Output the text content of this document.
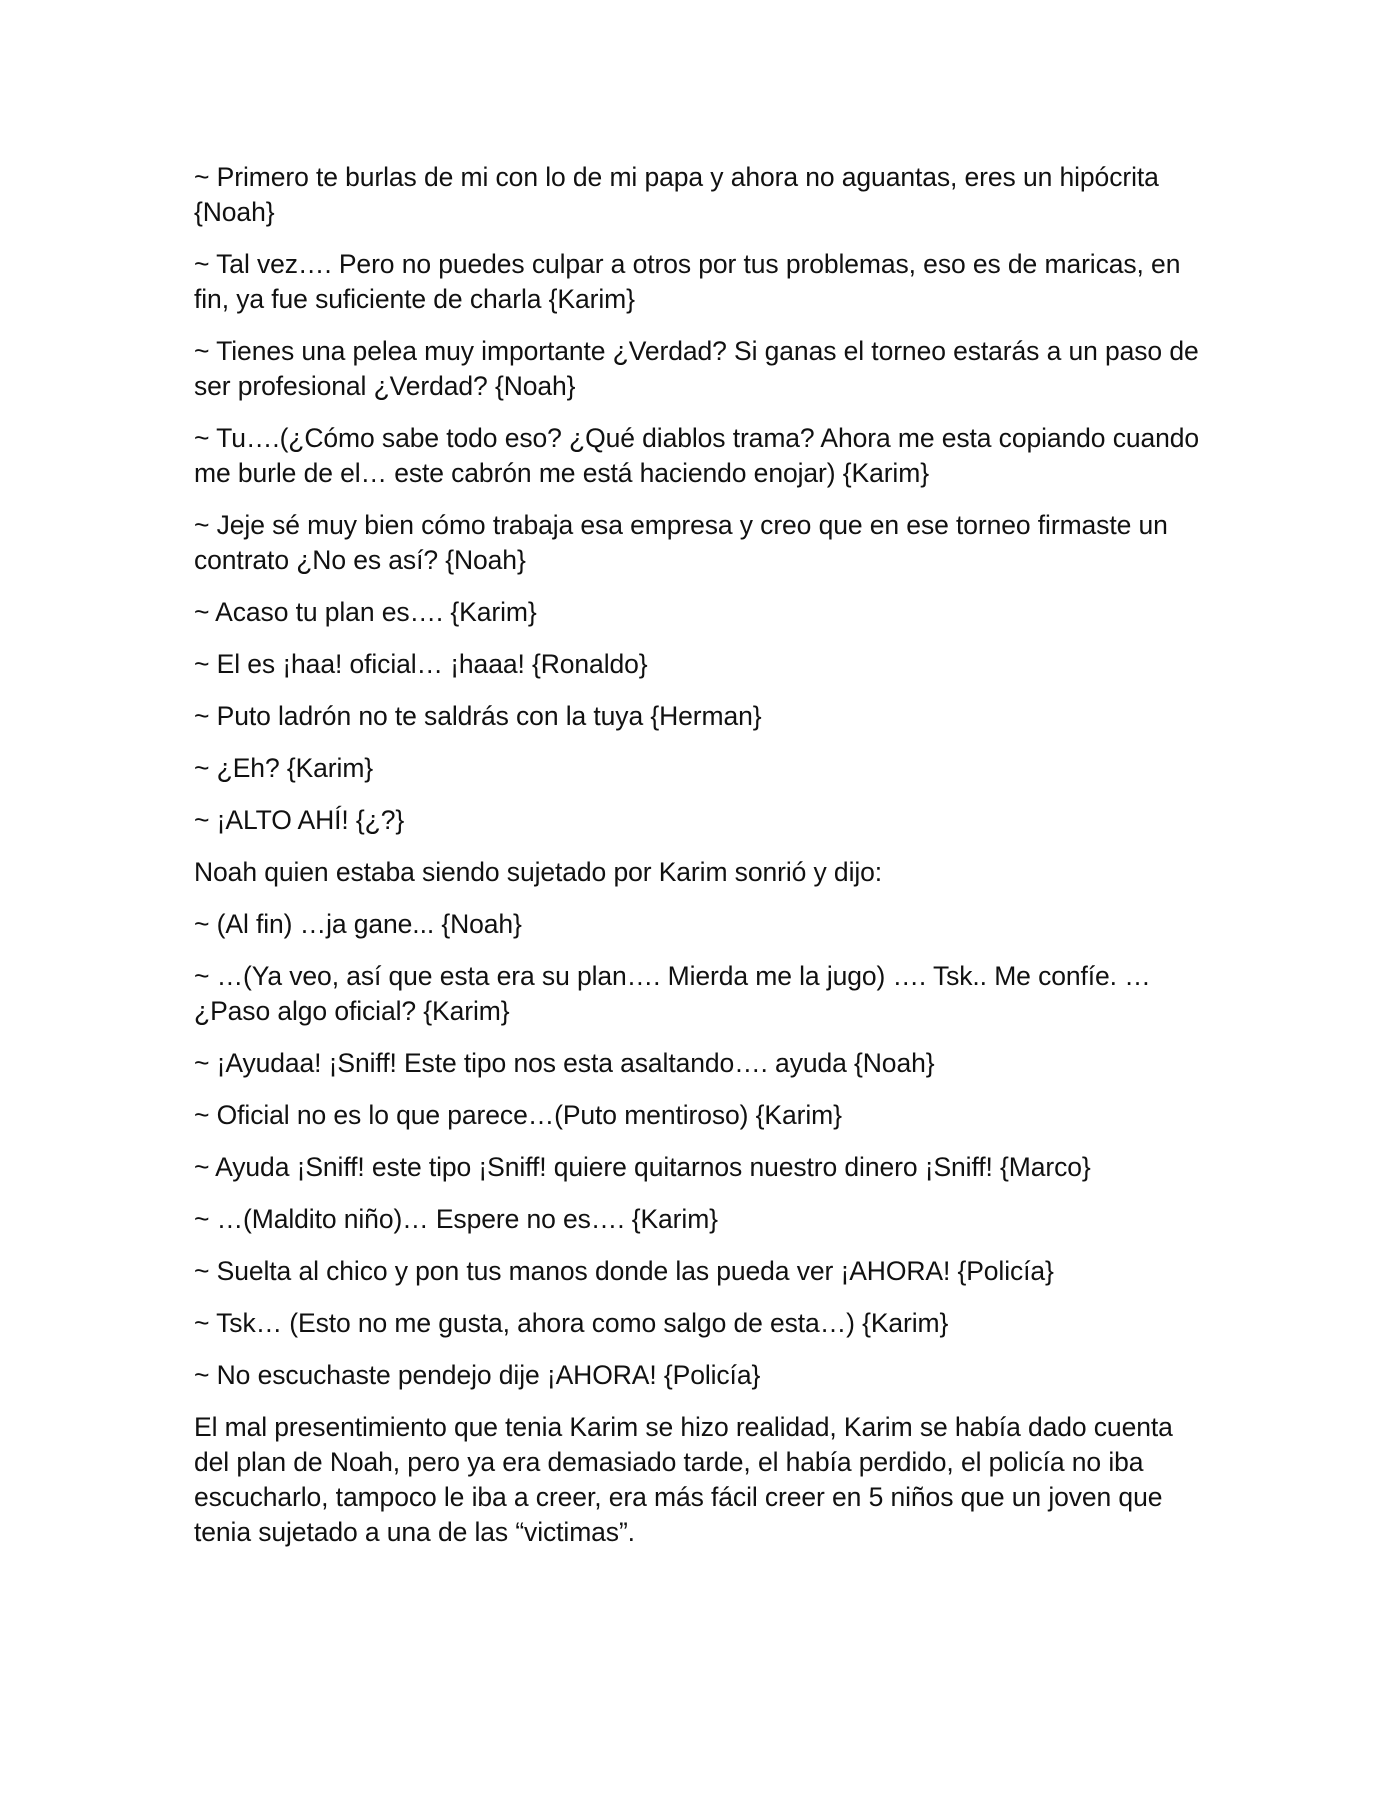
~ Primero te burlas de mi con lo de mi papa y ahora no aguantas, eres un hipócrita {Noah}

~ Tal vez…. Pero no puedes culpar a otros por tus problemas, eso es de maricas, en fin, ya fue suficiente de charla {Karim}

~ Tienes una pelea muy importante ¿Verdad? Si ganas el torneo estarás a un paso de ser profesional ¿Verdad? {Noah}

~ Tu….(¿Cómo sabe todo eso? ¿Qué diablos trama? Ahora me esta copiando cuando me burle de el… este cabrón me está haciendo enojar) {Karim}

~ Jeje sé muy bien cómo trabaja esa empresa y creo que en ese torneo firmaste un contrato ¿No es así? {Noah}

~ Acaso tu plan es…. {Karim}

~ El es ¡haa! oficial… ¡haaa! {Ronaldo}

~ Puto ladrón no te saldrás con la tuya {Herman}

~ ¿Eh? {Karim}

~ ¡ALTO AHÍ! {¿?}

Noah quien estaba siendo sujetado por Karim sonrió y dijo:

~ (Al fin) …ja gane... {Noah}

~ …(Ya veo, así que esta era su plan…. Mierda me la jugo) …. Tsk.. Me confíe. …¿Paso algo oficial? {Karim}

~ ¡Ayudaa! ¡Sniff! Este tipo nos esta asaltando…. ayuda {Noah}

~ Oficial no es lo que parece…(Puto mentiroso) {Karim}

~ Ayuda ¡Sniff! este tipo ¡Sniff! quiere quitarnos nuestro dinero ¡Sniff! {Marco}

~ …(Maldito niño)… Espere no es…. {Karim}

~ Suelta al chico y pon tus manos donde las pueda ver ¡AHORA! {Policía}

~ Tsk… (Esto no me gusta, ahora como salgo de esta…) {Karim}

~ No escuchaste pendejo dije ¡AHORA! {Policía}

El mal presentimiento que tenia Karim se hizo realidad, Karim se había dado cuenta del plan de Noah, pero ya era demasiado tarde, el había perdido, el policía no iba escucharlo, tampoco le iba a creer, era más fácil creer en 5 niños que un joven que tenia sujetado a una de las “victimas”.
